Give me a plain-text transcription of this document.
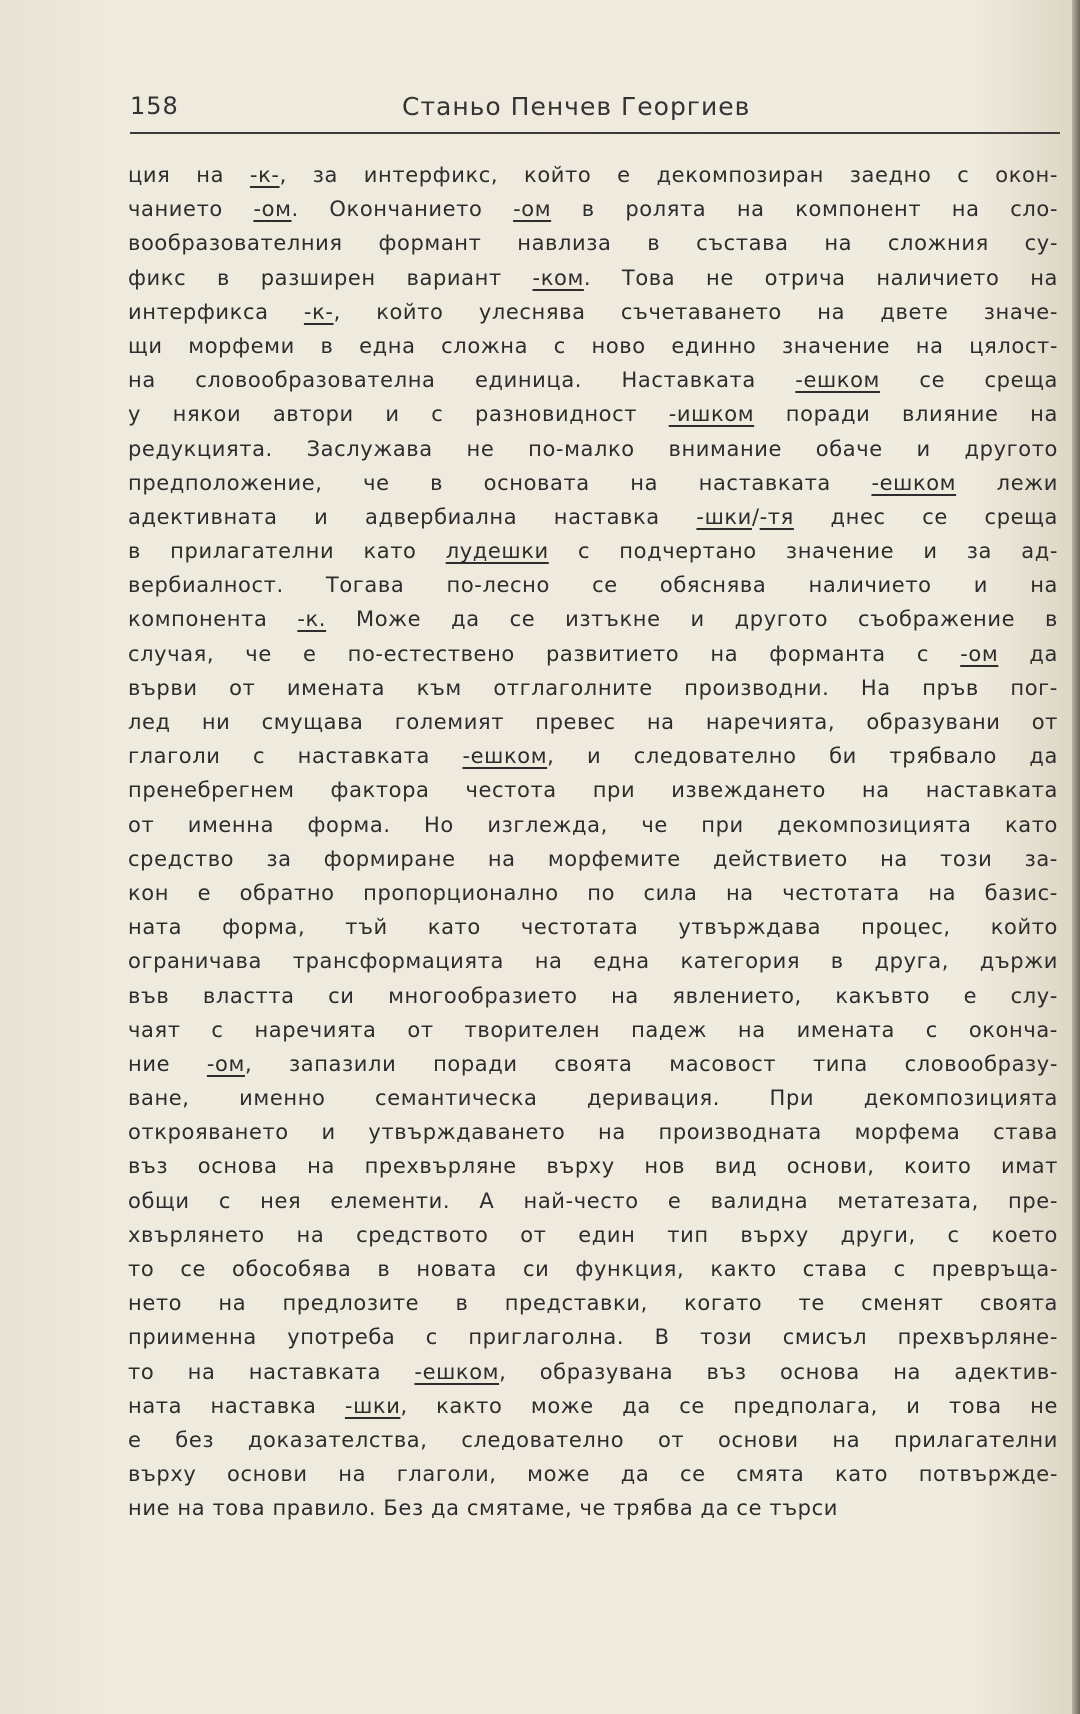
158	Станьо Пенчев Георгиев
ция на -к-, за интерфикс, който е декомпозиран заедно с окон-
чанието -ом. Окончанието -ом в ролята на компонент на сло-
вообразователния формант навлиза в състава на сложния су-
фикс в разширен вариант -ком. Това не отрича наличието на
интерфикса -к-, който улеснява съчетаването на двете значе-
щи морфеми в една сложна с ново единно значение на цялост-
на словообразователна единица. Наставката -ешком се среща
у някои автори и с разновидност -ишком поради влияние на
редукцията. Заслужава не по-малко внимание обаче и другото
предположение, че в основата на наставката -ешком лежи
адективната и адвербиална наставка -шки/-тя днес се среща
в прилагателни като лудешки с подчертано значение и за ад-
вербиалност. Тогава по-лесно се обяснява наличието и на
компонента -к. Може да се изтъкне и другото съображение в
случая, че е по-естествено развитието на форманта с -ом да
върви от имената към отглаголните производни. На пръв пог-
лед ни смущава големият превес на наречията, образувани от
глаголи с наставката -ешком, и следователно би трябвало да
пренебрегнем фактора честота при извеждането на наставката
от именна форма. Но изглежда, че при декомпозицията като
средство за формиране на морфемите действието на този за-
кон е обратно пропорционално по сила на честотата на базис-
ната форма, тъй като честотата утвърждава процес, който
ограничава трансформацията на една категория в друга, държи
във властта си многообразието на явлението, какъвто е слу-
чаят с наречията от творителен падеж на имената с оконча-
ние -ом, запазили поради своята масовост типа словообразу-
ване, именно семантическа деривация. При декомпозицията
открояването и утвърждаването на производната морфема става
въз основа на прехвърляне върху нов вид основи, които имат
общи с нея елементи. А най-често е валидна метатезата, пре-
хвърлянето на средството от един тип върху други, с което
то се обособява в новата си функция, както става с превръща-
нето на предлозите в представки, когато те сменят своята
приименна употреба с приглаголна. В този смисъл прехвърляне-
то на наставката -ешком, образувана въз основа на адектив-
ната наставка -шки, както може да се предполага, и това не
е без доказателства, следователно от основи на прилагателни
върху основи на глаголи, може да се смята като потвържде-
ние на това правило. Без да смятаме, че трябва да се търси
